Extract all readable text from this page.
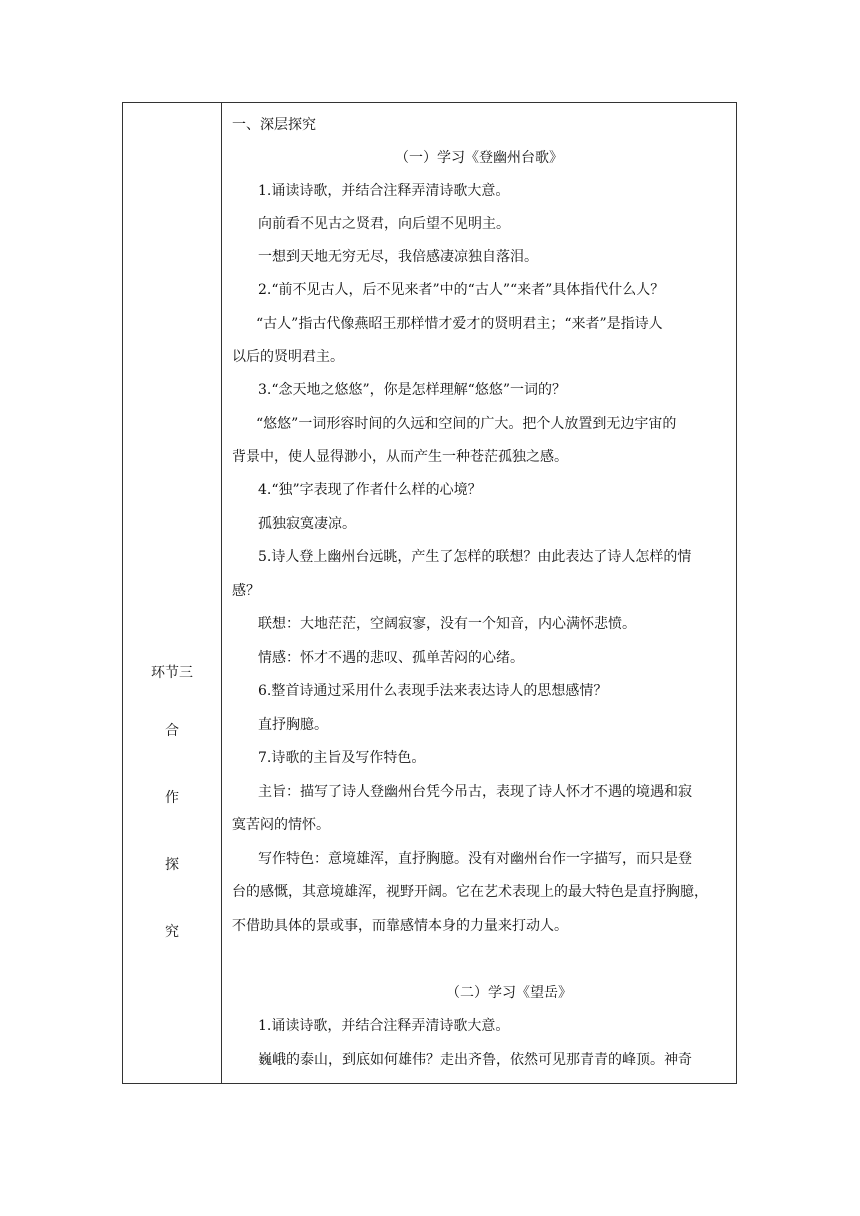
环节三
合
作
探
究
一、深层探究
（一）学习《登幽州台歌》
1.诵读诗歌，并结合注释弄清诗歌大意。
向前看不见古之贤君，向后望不见明主。
一想到天地无穷无尽，我倍感凄凉独自落泪。
2.“前不见古人，后不见来者”中的“古人”“来者”具体指代什么人？
“古人”指古代像燕昭王那样惜才爱才的贤明君主；“来者”是指诗人
以后的贤明君主。
3.“念天地之悠悠”，你是怎样理解“悠悠”一词的？
“悠悠”一词形容时间的久远和空间的广大。把个人放置到无边宇宙的
背景中，使人显得渺小，从而产生一种苍茫孤独之感。
4.“独”字表现了作者什么样的心境？
孤独寂寞凄凉。
5.诗人登上幽州台远眺，产生了怎样的联想？由此表达了诗人怎样的情
感？
联想：大地茫茫，空阔寂寥，没有一个知音，内心满怀悲愤。
情感：怀才不遇的悲叹、孤单苦闷的心绪。
6.整首诗通过采用什么表现手法来表达诗人的思想感情？
直抒胸臆。
7.诗歌的主旨及写作特色。
主旨：描写了诗人登幽州台凭今吊古，表现了诗人怀才不遇的境遇和寂
寞苦闷的情怀。
写作特色：意境雄浑，直抒胸臆。没有对幽州台作一字描写，而只是登
台的感慨，其意境雄浑，视野开阔。它在艺术表现上的最大特色是直抒胸臆，
不借助具体的景或事，而靠感情本身的力量来打动人。
（二）学习《望岳》
1.诵读诗歌，并结合注释弄清诗歌大意。
巍峨的泰山，到底如何雄伟？走出齐鲁，依然可见那青青的峰顶。神奇
